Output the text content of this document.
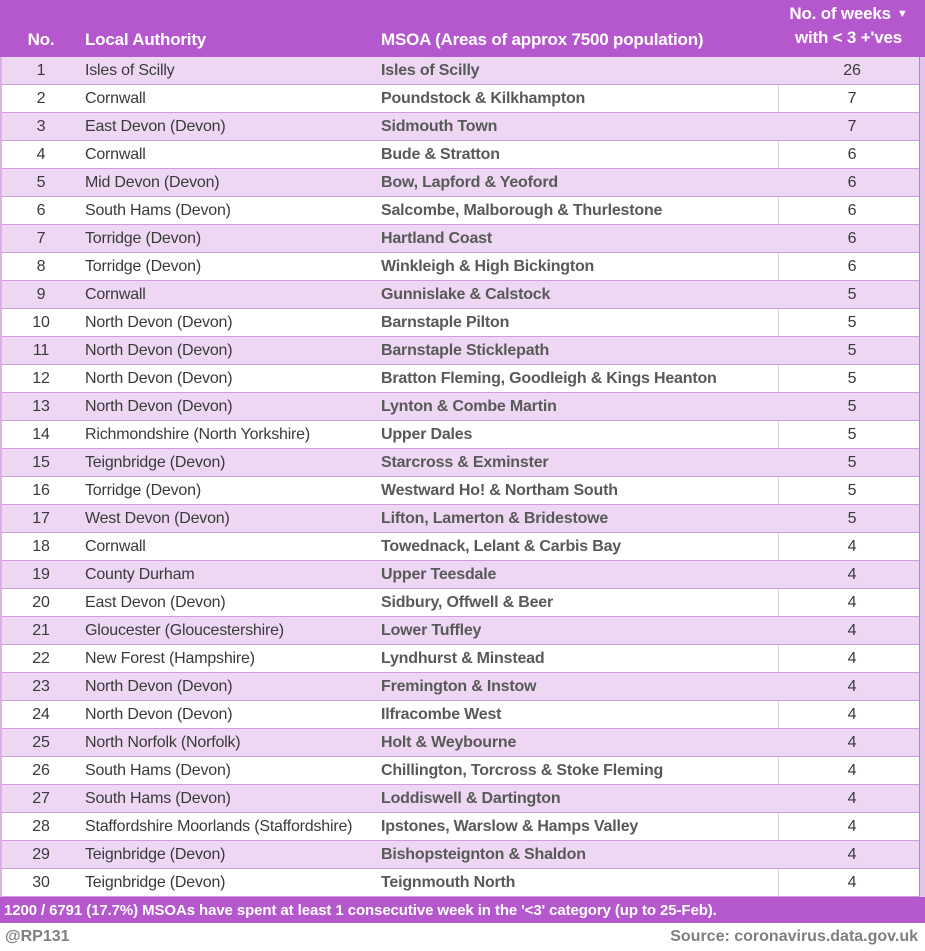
No.	Local Authority	MSOA (Areas of approx 7500 population)
No. of weeks ▼
with < 3 +'ves
1	Isles of Scilly	Isles of Scilly	26
2	Cornwall	Poundstock & Kilkhampton	7
3	East Devon (Devon)	Sidmouth Town	7
4	Cornwall	Bude & Stratton	6
5	Mid Devon (Devon)	Bow, Lapford & Yeoford	6
6	South Hams (Devon)	Salcombe, Malborough & Thurlestone	6
7	Torridge (Devon)	Hartland Coast	6
8	Torridge (Devon)	Winkleigh & High Bickington	6
9	Cornwall	Gunnislake & Calstock	5
10	North Devon (Devon)	Barnstaple Pilton	5
11	North Devon (Devon)	Barnstaple Sticklepath	5
12	North Devon (Devon)	Bratton Fleming, Goodleigh & Kings Heanton	5
13	North Devon (Devon)	Lynton & Combe Martin	5
14	Richmondshire (North Yorkshire)	Upper Dales	5
15	Teignbridge (Devon)	Starcross & Exminster	5
16	Torridge (Devon)	Westward Ho! & Northam South	5
17	West Devon (Devon)	Lifton, Lamerton & Bridestowe	5
18	Cornwall	Towednack, Lelant & Carbis Bay	4
19	County Durham	Upper Teesdale	4
20	East Devon (Devon)	Sidbury, Offwell & Beer	4
21	Gloucester (Gloucestershire)	Lower Tuffley	4
22	New Forest (Hampshire)	Lyndhurst & Minstead	4
23	North Devon (Devon)	Fremington & Instow	4
24	North Devon (Devon)	Ilfracombe West	4
25	North Norfolk (Norfolk)	Holt & Weybourne	4
26	South Hams (Devon)	Chillington, Torcross & Stoke Fleming	4
27	South Hams (Devon)	Loddiswell & Dartington	4
28	Staffordshire Moorlands (Staffordshire)	Ipstones, Warslow & Hamps Valley	4
29	Teignbridge (Devon)	Bishopsteignton & Shaldon	4
30	Teignbridge (Devon)	Teignmouth North	4
1200 / 6791 (17.7%) MSOAs have spent at least 1 consecutive week in the '<3' category (up to 25-Feb).
@RP131	Source: coronavirus.data.gov.uk
